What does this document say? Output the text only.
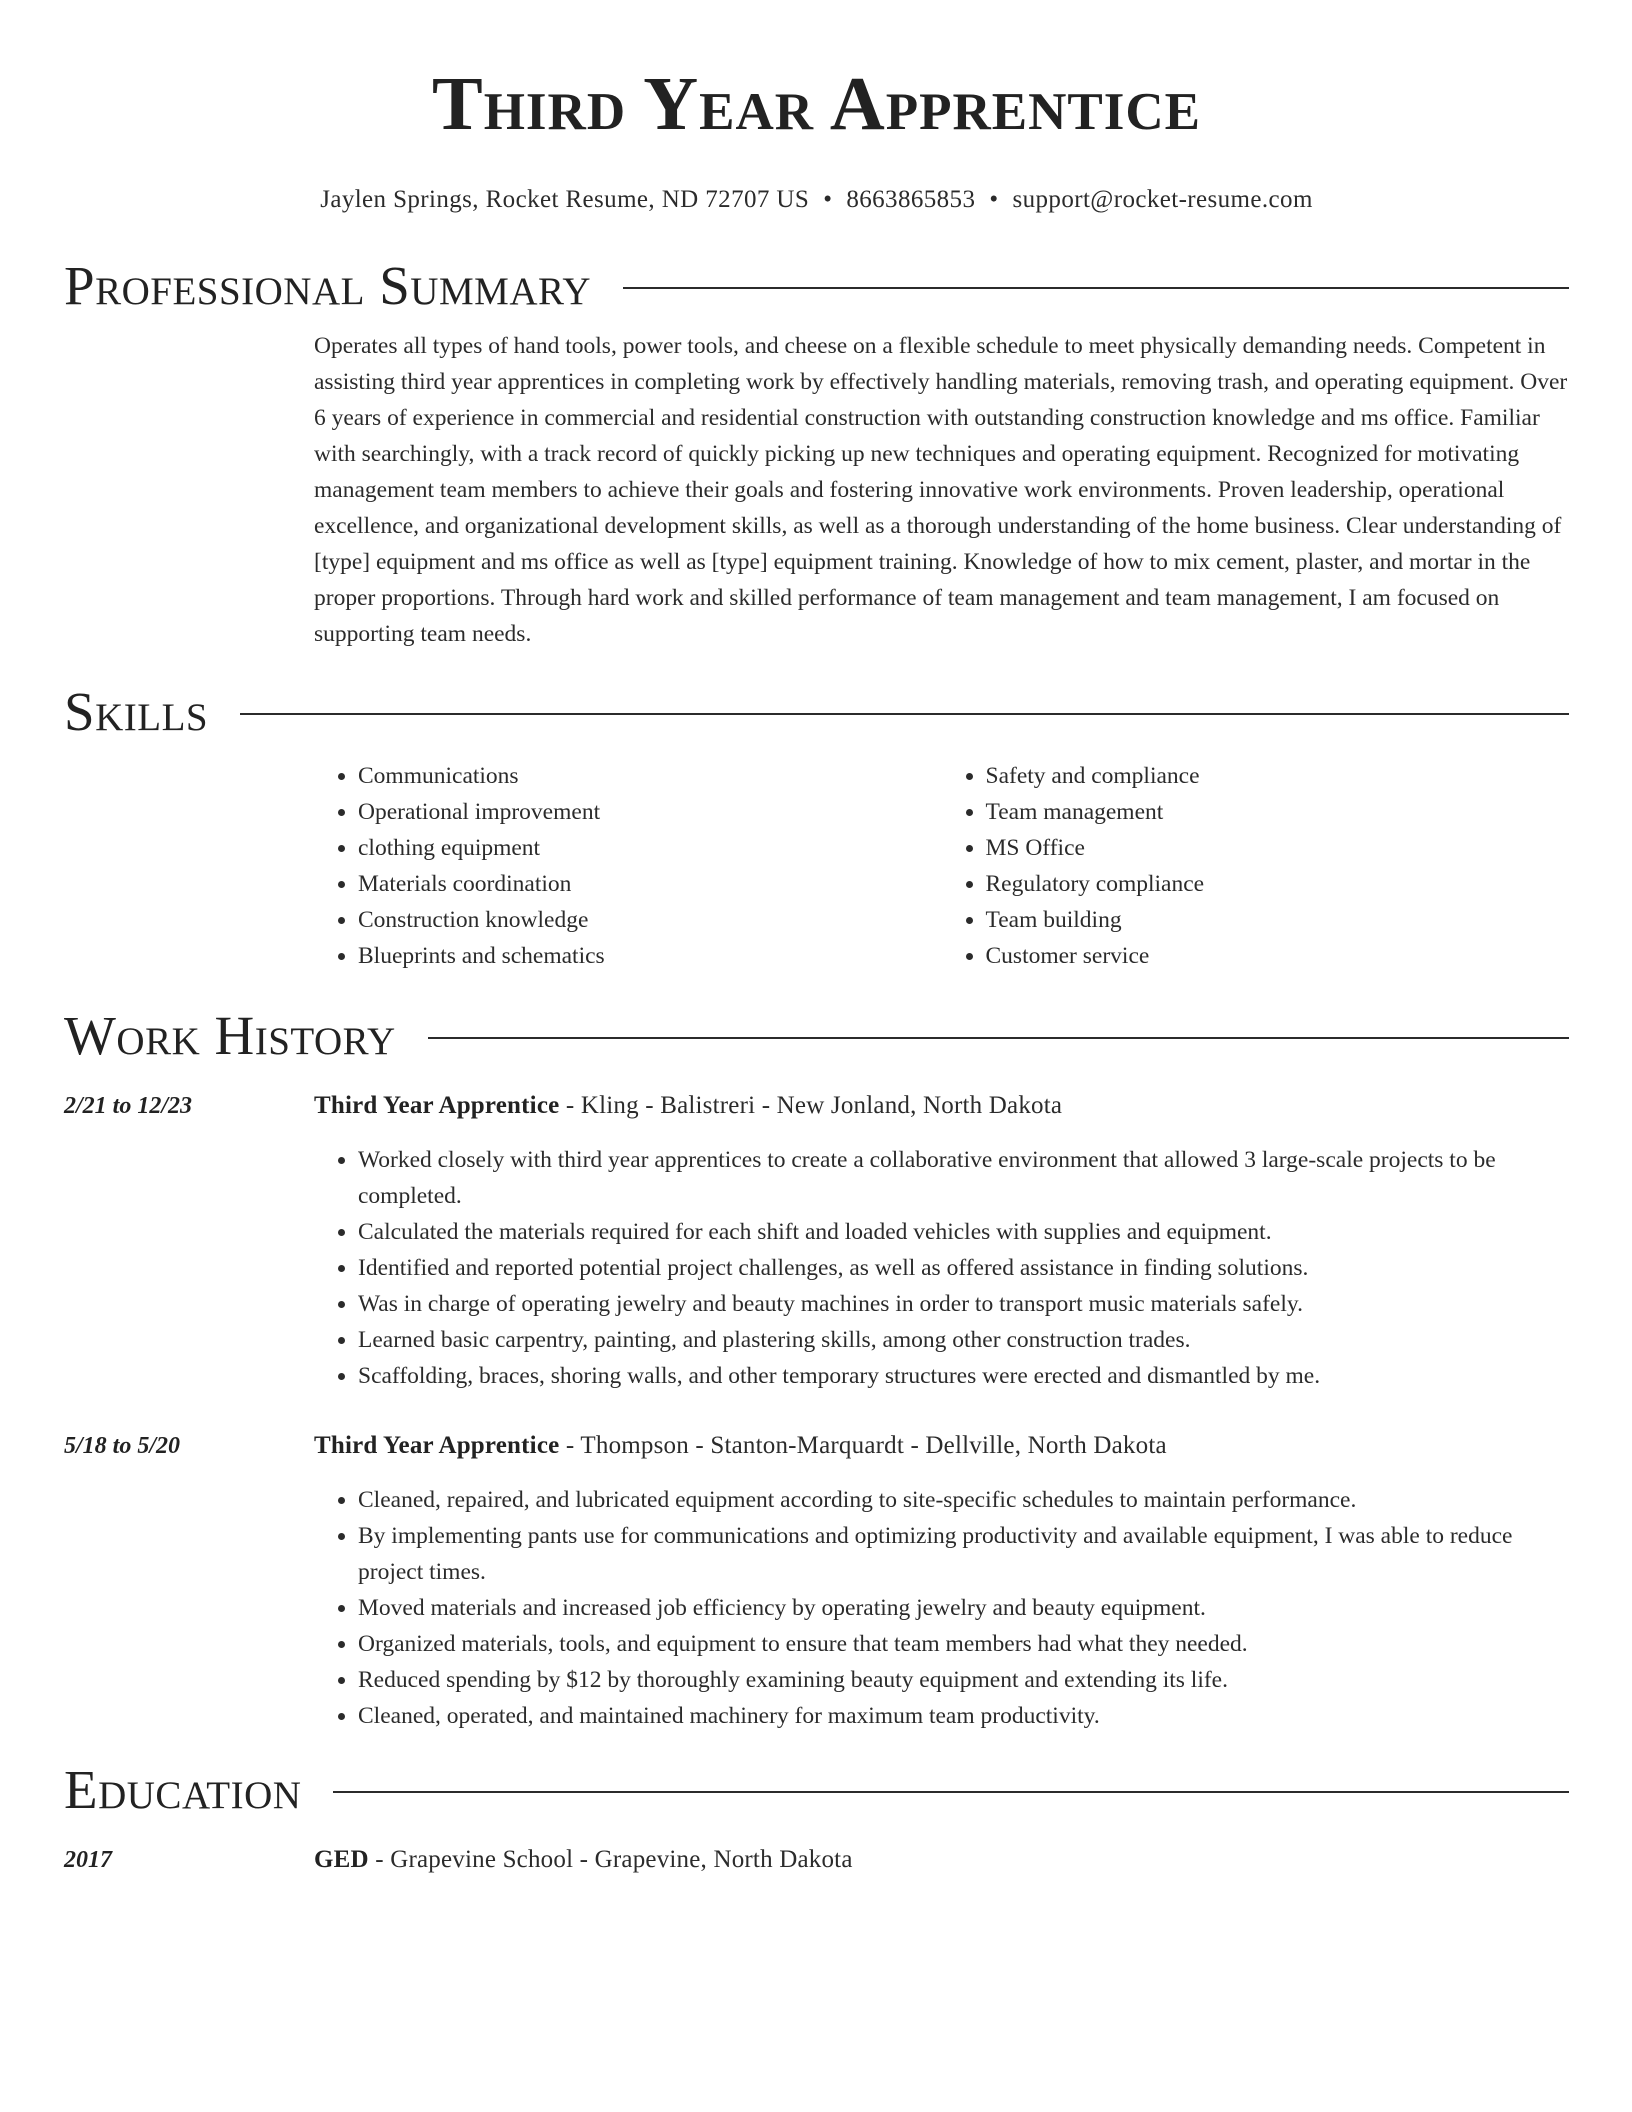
Third Year Apprentice
Jaylen Springs, Rocket Resume, ND 72707 US • 8663865853 • support@rocket-resume.com
Professional Summary
Operates all types of hand tools, power tools, and cheese on a flexible schedule to meet physically demanding needs. Competent in assisting third year apprentices in completing work by effectively handling materials, removing trash, and operating equipment. Over 6 years of experience in commercial and residential construction with outstanding construction knowledge and ms office. Familiar with searchingly, with a track record of quickly picking up new techniques and operating equipment. Recognized for motivating management team members to achieve their goals and fostering innovative work environments. Proven leadership, operational excellence, and organizational development skills, as well as a thorough understanding of the home business. Clear understanding of [type] equipment and ms office as well as [type] equipment training. Knowledge of how to mix cement, plaster, and mortar in the proper proportions. Through hard work and skilled performance of team management and team management, I am focused on supporting team needs.
Skills
• Communications
• Operational improvement
• clothing equipment
• Materials coordination
• Construction knowledge
• Blueprints and schematics
• Safety and compliance
• Team management
• MS Office
• Regulatory compliance
• Team building
• Customer service
Work History
2/21 to 12/23	Third Year Apprentice - Kling - Balistreri - New Jonland, North Dakota
• Worked closely with third year apprentices to create a collaborative environment that allowed 3 large-scale projects to be completed.
• Calculated the materials required for each shift and loaded vehicles with supplies and equipment.
• Identified and reported potential project challenges, as well as offered assistance in finding solutions.
• Was in charge of operating jewelry and beauty machines in order to transport music materials safely.
• Learned basic carpentry, painting, and plastering skills, among other construction trades.
• Scaffolding, braces, shoring walls, and other temporary structures were erected and dismantled by me.
5/18 to 5/20	Third Year Apprentice - Thompson - Stanton-Marquardt - Dellville, North Dakota
• Cleaned, repaired, and lubricated equipment according to site-specific schedules to maintain performance.
• By implementing pants use for communications and optimizing productivity and available equipment, I was able to reduce project times.
• Moved materials and increased job efficiency by operating jewelry and beauty equipment.
• Organized materials, tools, and equipment to ensure that team members had what they needed.
• Reduced spending by $12 by thoroughly examining beauty equipment and extending its life.
• Cleaned, operated, and maintained machinery for maximum team productivity.
Education
2017	GED - Grapevine School - Grapevine, North Dakota
